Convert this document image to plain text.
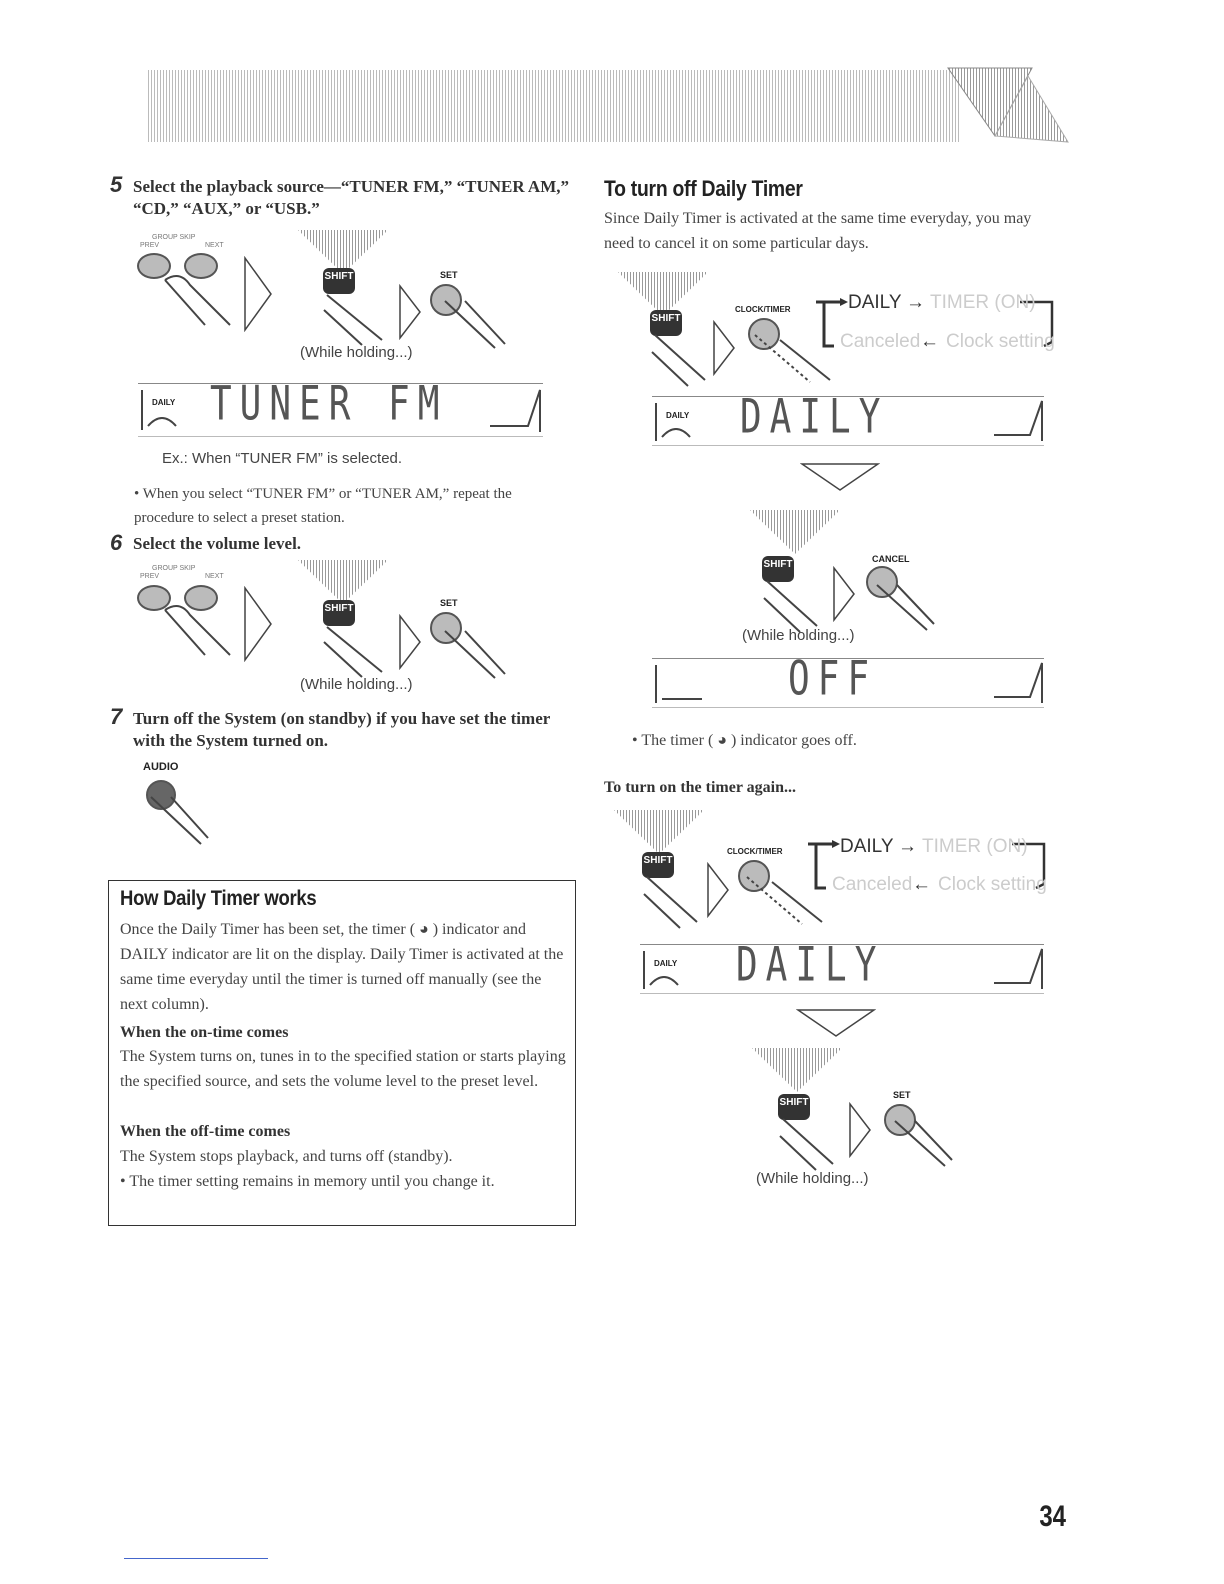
5 Select the playback source—“TUNER FM,” “TUNER AM,” “CD,” “AUX,” or “USB.”
GROUP SKIP
PREV	NEXT
SHIFT	SET
(While holding...)
DAILY TUNER FM
Ex.: When “TUNER FM” is selected.
• When you select “TUNER FM” or “TUNER AM,” repeat the procedure to select a preset station.
6 Select the volume level.
GROUP SKIP
PREV	NEXT
SHIFT	SET
(While holding...)
7 Turn off the System (on standby) if you have set the timer with the System turned on.
AUDIO
How Daily Timer works
Once the Daily Timer has been set, the timer ( ◕ ) indicator and DAILY indicator are lit on the display. Daily Timer is activated at the same time everyday until the timer is turned off manually (see the next column).
When the on-time comes
The System turns on, tunes in to the specified station or starts playing the specified source, and sets the volume level to the preset level.
When the off-time comes
The System stops playback, and turns off (standby).
• The timer setting remains in memory until you change it.
To turn off Daily Timer
Since Daily Timer is activated at the same time everyday, you may need to cancel it on some particular days.
SHIFT
CLOCK/TIMER	DAILY → TIMER (ON)
Canceled ← Clock setting
DAILY DAILY
SHIFT	CANCEL
(While holding...)
OFF
• The timer ( ◕ ) indicator goes off.
To turn on the timer again...
SHIFT
CLOCK/TIMER	DAILY → TIMER (ON)
Canceled ← Clock setting
DAILY DAILY
SHIFT
SET
(While holding...)
34
